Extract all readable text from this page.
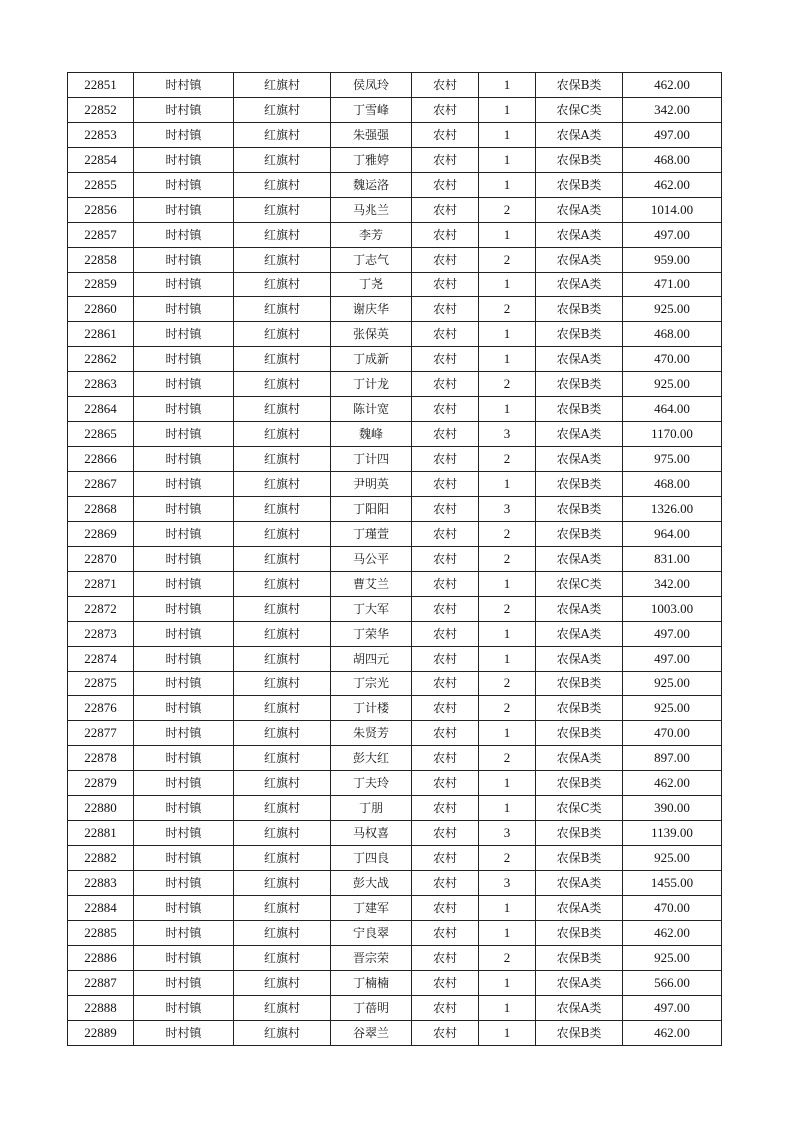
22851	时村镇	红旗村	侯凤玲	农村	1	农保B类	462.00
22852	时村镇	红旗村	丁雪峰	农村	1	农保C类	342.00
22853	时村镇	红旗村	朱强强	农村	1	农保A类	497.00
22854	时村镇	红旗村	丁雅婷	农村	1	农保B类	468.00
22855	时村镇	红旗村	魏运洛	农村	1	农保B类	462.00
22856	时村镇	红旗村	马兆兰	农村	2	农保A类	1014.00
22857	时村镇	红旗村	李芳	农村	1	农保A类	497.00
22858	时村镇	红旗村	丁志气	农村	2	农保A类	959.00
22859	时村镇	红旗村	丁尧	农村	1	农保A类	471.00
22860	时村镇	红旗村	谢庆华	农村	2	农保B类	925.00
22861	时村镇	红旗村	张保英	农村	1	农保B类	468.00
22862	时村镇	红旗村	丁成新	农村	1	农保A类	470.00
22863	时村镇	红旗村	丁计龙	农村	2	农保B类	925.00
22864	时村镇	红旗村	陈计宽	农村	1	农保B类	464.00
22865	时村镇	红旗村	魏峰	农村	3	农保A类	1170.00
22866	时村镇	红旗村	丁计四	农村	2	农保A类	975.00
22867	时村镇	红旗村	尹明英	农村	1	农保B类	468.00
22868	时村镇	红旗村	丁阳阳	农村	3	农保B类	1326.00
22869	时村镇	红旗村	丁瑾萱	农村	2	农保B类	964.00
22870	时村镇	红旗村	马公平	农村	2	农保A类	831.00
22871	时村镇	红旗村	曹艾兰	农村	1	农保C类	342.00
22872	时村镇	红旗村	丁大军	农村	2	农保A类	1003.00
22873	时村镇	红旗村	丁荣华	农村	1	农保A类	497.00
22874	时村镇	红旗村	胡四元	农村	1	农保A类	497.00
22875	时村镇	红旗村	丁宗光	农村	2	农保B类	925.00
22876	时村镇	红旗村	丁计楼	农村	2	农保B类	925.00
22877	时村镇	红旗村	朱贤芳	农村	1	农保B类	470.00
22878	时村镇	红旗村	彭大红	农村	2	农保A类	897.00
22879	时村镇	红旗村	丁夫玲	农村	1	农保B类	462.00
22880	时村镇	红旗村	丁朋	农村	1	农保C类	390.00
22881	时村镇	红旗村	马权喜	农村	3	农保B类	1139.00
22882	时村镇	红旗村	丁四良	农村	2	农保B类	925.00
22883	时村镇	红旗村	彭大战	农村	3	农保A类	1455.00
22884	时村镇	红旗村	丁建军	农村	1	农保A类	470.00
22885	时村镇	红旗村	宁良翠	农村	1	农保B类	462.00
22886	时村镇	红旗村	晋宗荣	农村	2	农保B类	925.00
22887	时村镇	红旗村	丁楠楠	农村	1	农保A类	566.00
22888	时村镇	红旗村	丁蓓明	农村	1	农保A类	497.00
22889	时村镇	红旗村	谷翠兰	农村	1	农保B类	462.00
